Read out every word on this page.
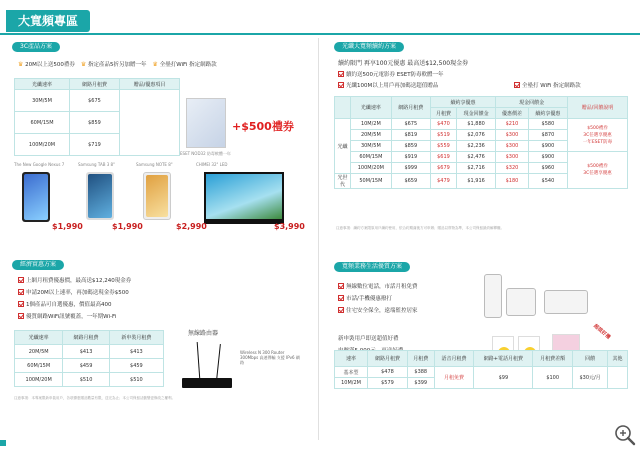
大寬頻專區
3C產品方案
♛ 20M以上送500禮券 ♛ 指定產品5折另加贈一年 ♛ 全壘打WiFi 指定網路款
光纖速率	網路月租費	贈品/優惠項目
30M/5M	$675	
60M/15M	$859	
100M/20M	$719	
+$500禮券
ESET NOD32 防毒軟體一年
The New Google Nexus 7	Samsung TAB 3 8"	Samsung NOTE 8"	CHIMEI 32" LED
$1,990	$1,990	$2,990	$3,990
經濟實惠方案
上網月租費優惠價，最高送$12,240現金券
申請20M以上速率，再加碼送現金券$500
1個產品可自選優惠，價值最高400
優質網路WiFi訊號覆蓋，一年期Wi-Fi
光纖速率	網路月租費	新申裝月租費
20M/5M	$413	$413
60M/15M	$459	$459
100M/20M	$510	$510
無線路由器
Wireless N 300 Router 300Mbps 高速傳輸 支援 IPv6 網路
注意事項：本專案限新申裝用戶，各項優惠贈品數量有限，送完為止；本公司保留活動變更修改之權利。
光纖大寬頻續約方案
續約限門 再享100元優惠 最高送$12,500現金券
續約送500元電影券 ESET防毒軟體一年
光纖100M以上用戶再加碼送超值贈品	全壘打 WiFi 指定網路款
	光纖速率	網路月租費	續約享優惠		現金回饋金		贈品/回饋說明
			月租費	現金回饋金	優惠價差	續約享優惠	
光纖	10M/2M	$675	$470	$1,880	$210	$580	$500禮券
3C任選享優惠
一年ESET防毒

	20M/5M	$819	$519	$2,076	$300	$870	
	30M/5M	$859	$559	$2,236	$300	$900	
	60M/15M	$919	$619	$2,476	$300	$900	$500禮券
3C任選享優惠

	100M/20M	$999	$679	$2,716	$320	$960	
光世代	50M/15M	$659	$479	$1,916	$180	$540	
注意事項：續約方案限原用戶續約使用，依合約期滿後方可申辦；贈品以實物為準，本公司保留最終解釋權。
寬頻業務生活優質方案
無線數位電話，市話月租免費
市話/手機優惠撥打
住宅安全保全，遠端監控居家
新申裝用戶即送超值好禮	超值好禮
速率	網路月租費	月租費	語音月租費	網路+電話月租費	月租費差額	回饋	其他
基本型	$478	$388	月租免費	$99	$100	$30元/月	
10M/2M	$579	$399					
